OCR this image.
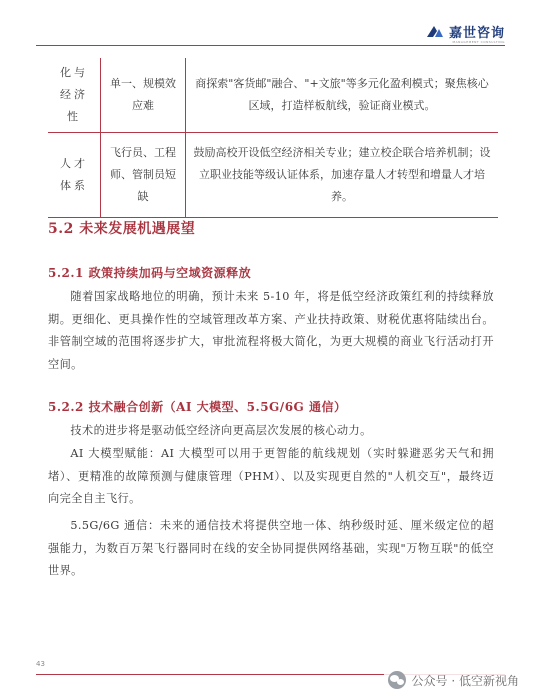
嘉世咨询
MANAGEMENT CONSULTING
化与经济性	单一、规模效应难	商探索"客货邮"融合、"+文旅"等多元化盈利模式；聚焦核心区域，打造样板航线，验证商业模式。
人才体系	飞行员、工程师、管制员短缺	鼓励高校开设低空经济相关专业；建立校企联合培养机制；设立职业技能等级认证体系，加速存量人才转型和增量人才培养。
5.2 未来发展机遇展望
5.2.1 政策持续加码与空域资源释放

随着国家战略地位的明确，预计未来 5-10 年，将是低空经济政策红利的持续释放期。更细化、更具操作性的空域管理改革方案、产业扶持政策、财税优惠将陆续出台。非管制空域的范围将逐步扩大，审批流程将极大简化，为更大规模的商业飞行活动打开空间。

5.2.2 技术融合创新（AI 大模型、5.5G/6G 通信）

技术的进步将是驱动低空经济向更高层次发展的核心动力。

AI 大模型赋能：AI 大模型可以用于更智能的航线规划（实时躲避恶劣天气和拥堵）、更精准的故障预测与健康管理（PHM）、以及实现更自然的"人机交互"，最终迈向完全自主飞行。

5.5G/6G 通信：未来的通信技术将提供空地一体、纳秒级时延、厘米级定位的超强能力，为数百万架飞行器同时在线的安全协同提供网络基础，实现"万物互联"的低空世界。

43
公众号 · 低空新视角
